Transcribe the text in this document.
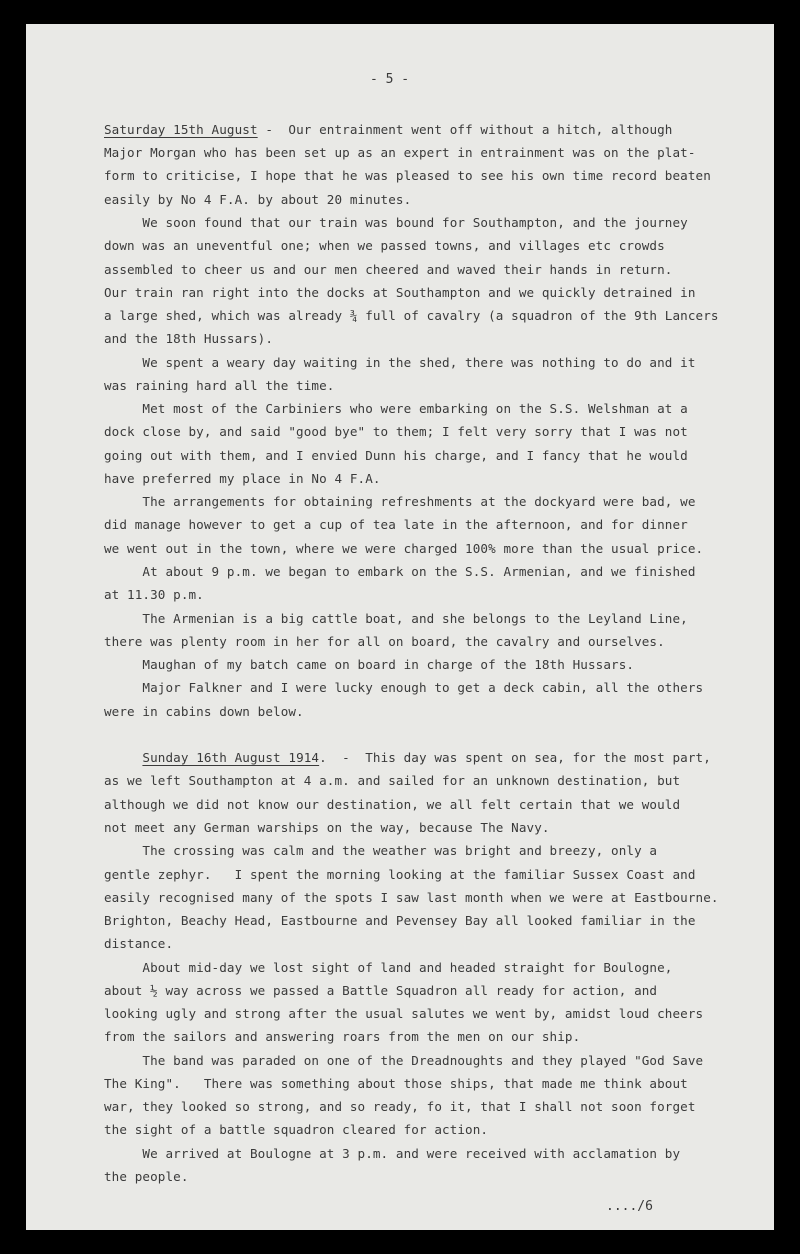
- 5 -
Saturday 15th August -  Our entrainment went off without a hitch, although
Major Morgan who has been set up as an expert in entrainment was on the plat-
form to criticise, I hope that he was pleased to see his own time record beaten
easily by No 4 F.A. by about 20 minutes.
We soon found that our train was bound for Southampton, and the journey
down was an uneventful one; when we passed towns, and villages etc crowds
assembled to cheer us and our men cheered and waved their hands in return.
Our train ran right into the docks at Southampton and we quickly detrained in
a large shed, which was already ¾ full of cavalry (a squadron of the 9th Lancers
and the 18th Hussars).
We spent a weary day waiting in the shed, there was nothing to do and it
was raining hard all the time.
Met most of the Carbiniers who were embarking on the S.S. Welshman at a
dock close by, and said "good bye" to them; I felt very sorry that I was not
going out with them, and I envied Dunn his charge, and I fancy that he would
have preferred my place in No 4 F.A.
The arrangements for obtaining refreshments at the dockyard were bad, we
did manage however to get a cup of tea late in the afternoon, and for dinner
we went out in the town, where we were charged 100% more than the usual price.
At about 9 p.m. we began to embark on the S.S. Armenian, and we finished
at 11.30 p.m.
The Armenian is a big cattle boat, and she belongs to the Leyland Line,
there was plenty room in her for all on board, the cavalry and ourselves.
Maughan of my batch came on board in charge of the 18th Hussars.
Major Falkner and I were lucky enough to get a deck cabin, all the others
were in cabins down below.
Sunday 16th August 1914.  -  This day was spent on sea, for the most part,
as we left Southampton at 4 a.m. and sailed for an unknown destination, but
although we did not know our destination, we all felt certain that we would
not meet any German warships on the way, because The Navy.
The crossing was calm and the weather was bright and breezy, only a
gentle zephyr.   I spent the morning looking at the familiar Sussex Coast and
easily recognised many of the spots I saw last month when we were at Eastbourne.
Brighton, Beachy Head, Eastbourne and Pevensey Bay all looked familiar in the
distance.
About mid-day we lost sight of land and headed straight for Boulogne,
about ½ way across we passed a Battle Squadron all ready for action, and
looking ugly and strong after the usual salutes we went by, amidst loud cheers
from the sailors and answering roars from the men on our ship.
The band was paraded on one of the Dreadnoughts and they played "God Save
The King".   There was something about those ships, that made me think about
war, they looked so strong, and so ready, fo it, that I shall not soon forget
the sight of a battle squadron cleared for action.
We arrived at Boulogne at 3 p.m. and were received with acclamation by
the people.
..../6
